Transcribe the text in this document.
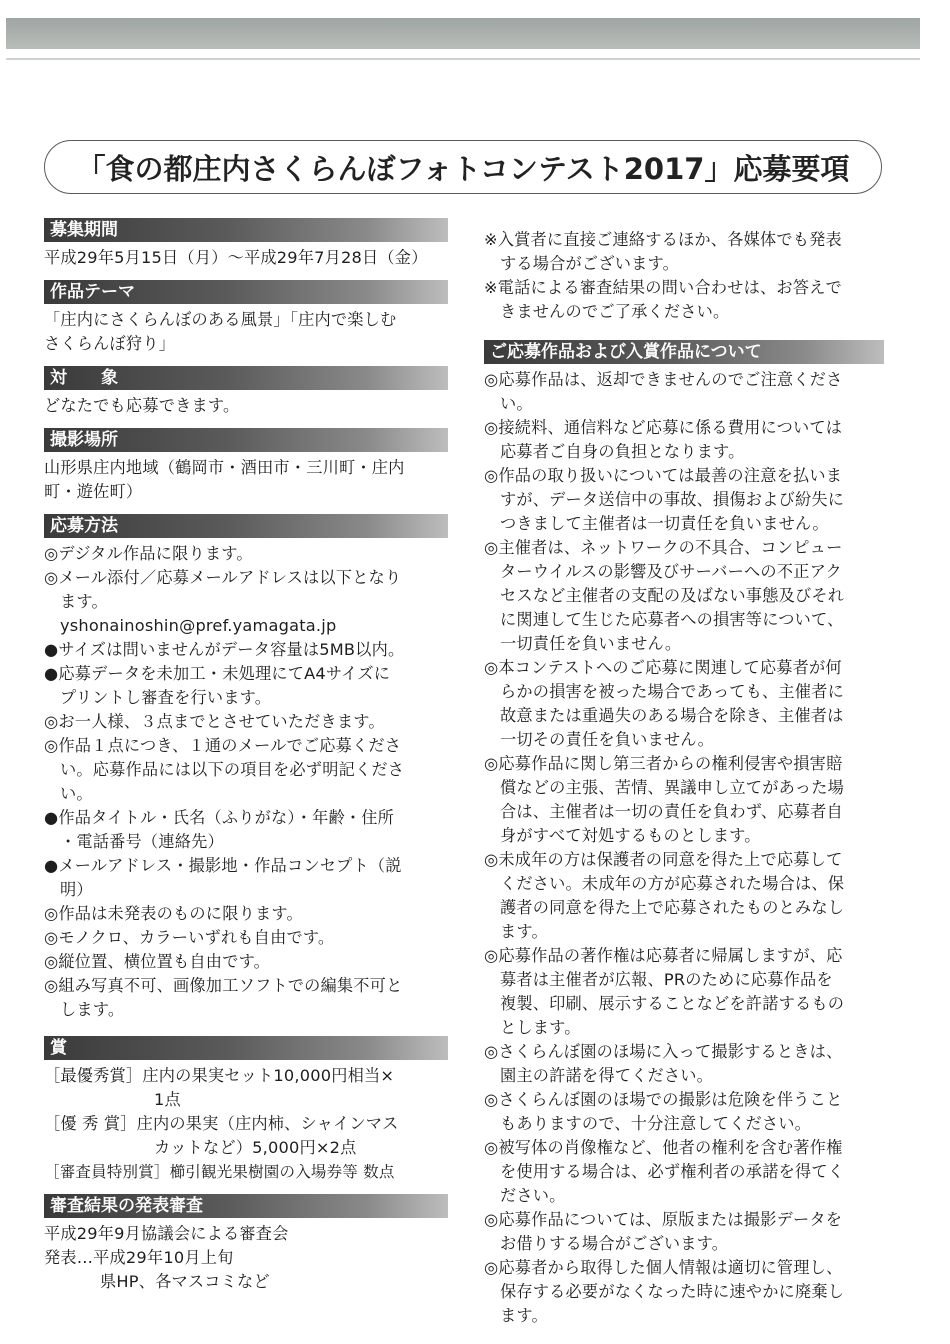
「食の都庄内さくらんぼフォトコンテスト2017」応募要項
募集期間
平成29年5月15日（月）〜平成29年7月28日（金）
作品テーマ
「庄内にさくらんぼのある風景」「庄内で楽しむ
さくらんぼ狩り」
対　　象
どなたでも応募できます。
撮影場所
山形県庄内地域（鶴岡市・酒田市・三川町・庄内
町・遊佐町）
応募方法
◎デジタル作品に限ります。
◎メール添付／応募メールアドレスは以下となり
ます。
yshonainoshin@pref.yamagata.jp
●サイズは問いませんがデータ容量は5MB以内。
●応募データを未加工・未処理にてA4サイズに
プリントし審査を行います。
◎お一人様、３点までとさせていただきます。
◎作品１点につき、１通のメールでご応募くださ
い。応募作品には以下の項目を必ず明記くださ
い。
●作品タイトル・氏名（ふりがな）・年齢・住所
・電話番号（連絡先）
●メールアドレス・撮影地・作品コンセプト（説
明）
◎作品は未発表のものに限ります。
◎モノクロ、カラーいずれも自由です。
◎縦位置、横位置も自由です。
◎組み写真不可、画像加工ソフトでの編集不可と
します。
賞
［最優秀賞］庄内の果実セット10,000円相当×
1点
［優 秀 賞］庄内の果実（庄内柿、シャインマス
カットなど）5,000円×2点
［審査員特別賞］櫛引観光果樹園の入場券等 数点
審査結果の発表審査
平成29年9月協議会による審査会
発表…平成29年10月上旬
県HP、各マスコミなど
※入賞者に直接ご連絡するほか、各媒体でも発表
する場合がございます。
※電話による審査結果の問い合わせは、お答えで
きませんのでご了承ください。
ご応募作品および入賞作品について
◎応募作品は、返却できませんのでご注意くださ
い。
◎接続料、通信料など応募に係る費用については
応募者ご自身の負担となります。
◎作品の取り扱いについては最善の注意を払いま
すが、データ送信中の事故、損傷および紛失に
つきまして主催者は一切責任を負いません。
◎主催者は、ネットワークの不具合、コンピュー
ターウイルスの影響及びサーバーへの不正アク
セスなど主催者の支配の及ばない事態及びそれ
に関連して生じた応募者への損害等について、
一切責任を負いません。
◎本コンテストへのご応募に関連して応募者が何
らかの損害を被った場合であっても、主催者に
故意または重過失のある場合を除き、主催者は
一切その責任を負いません。
◎応募作品に関し第三者からの権利侵害や損害賠
償などの主張、苦情、異議申し立てがあった場
合は、主催者は一切の責任を負わず、応募者自
身がすべて対処するものとします。
◎未成年の方は保護者の同意を得た上で応募して
ください。未成年の方が応募された場合は、保
護者の同意を得た上で応募されたものとみなし
ます。
◎応募作品の著作権は応募者に帰属しますが、応
募者は主催者が広報、PRのために応募作品を
複製、印刷、展示することなどを許諾するもの
とします。
◎さくらんぼ園のほ場に入って撮影するときは、
園主の許諾を得てください。
◎さくらんぼ園のほ場での撮影は危険を伴うこと
もありますので、十分注意してください。
◎被写体の肖像権など、他者の権利を含む著作権
を使用する場合は、必ず権利者の承諾を得てく
ださい。
◎応募作品については、原版または撮影データを
お借りする場合がございます。
◎応募者から取得した個人情報は適切に管理し、
保存する必要がなくなった時に速やかに廃棄し
ます。
